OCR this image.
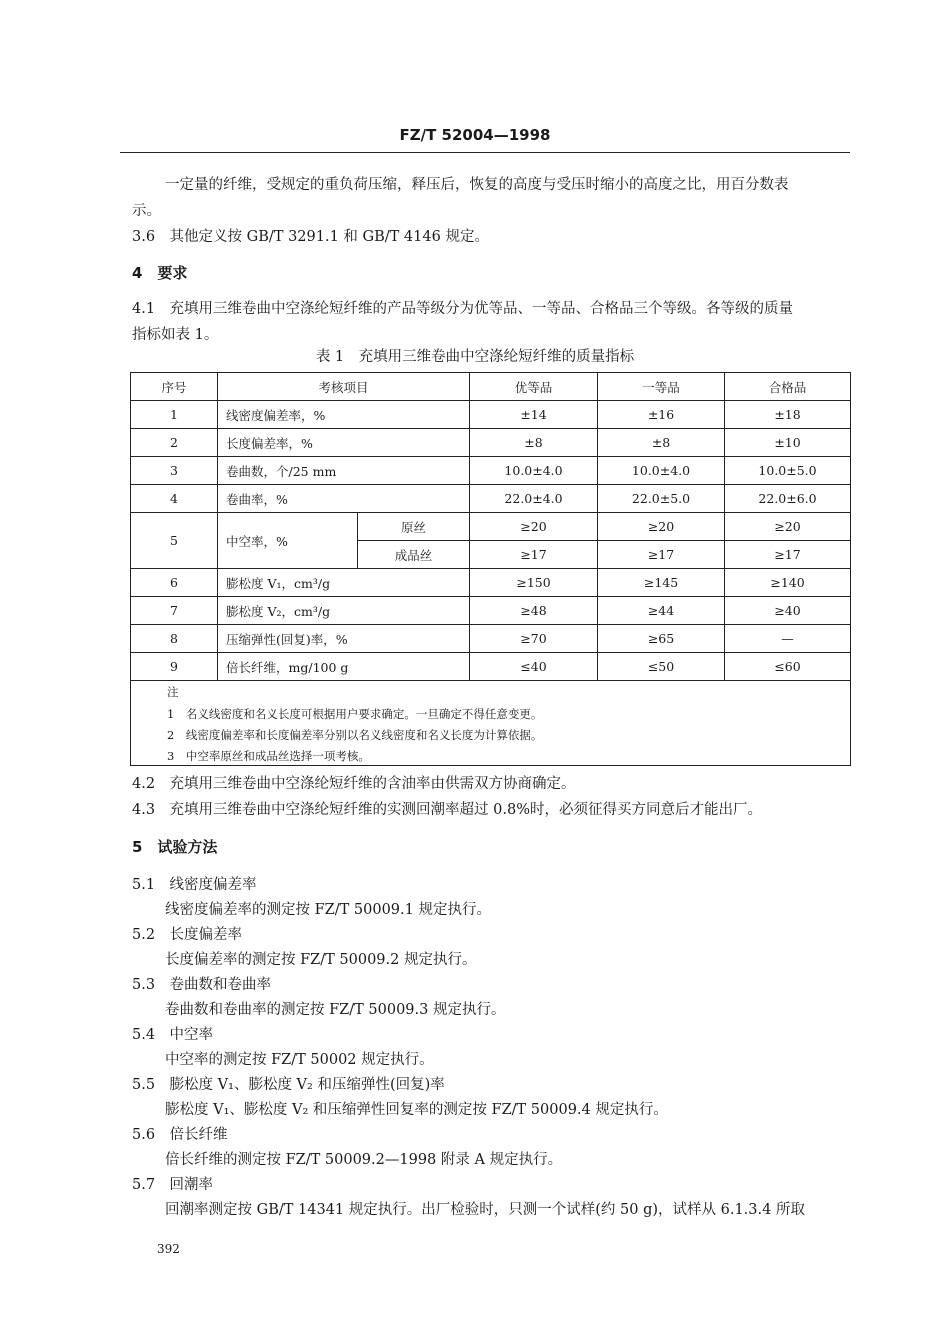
FZ/T 52004—1998
一定量的纤维，受规定的重负荷压缩，释压后，恢复的高度与受压时缩小的高度之比，用百分数表
示。
3.6　其他定义按 GB/T 3291.1 和 GB/T 4146 规定。
4　要求
4.1　充填用三维卷曲中空涤纶短纤维的产品等级分为优等品、一等品、合格品三个等级。各等级的质量
指标如表 1。
表 1　充填用三维卷曲中空涤纶短纤维的质量指标
序号	考核项目		优等品	一等品	合格品
1	线密度偏差率，%		±14	±16	±18
2	长度偏差率，%		±8	±8	±10
3	卷曲数，个/25 mm		10.0±4.0	10.0±4.0	10.0±5.0
4	卷曲率，%		22.0±4.0	22.0±5.0	22.0±6.0
5	中空率，%	原丝	≥20	≥20	≥20
		成品丝	≥17	≥17	≥17
6	膨松度 V₁，cm³/g		≥150	≥145	≥140
7	膨松度 V₂，cm³/g		≥48	≥44	≥40
8	压缩弹性(回复)率，%		≥70	≥65	—
9	倍长纤维，mg/100 g		≤40	≤50	≤60
注
1　名义线密度和名义长度可根据用户要求确定。一旦确定不得任意变更。
2　线密度偏差率和长度偏差率分别以名义线密度和名义长度为计算依据。
3　中空率原丝和成品丝选择一项考核。
4.2　充填用三维卷曲中空涤纶短纤维的含油率由供需双方协商确定。
4.3　充填用三维卷曲中空涤纶短纤维的实测回潮率超过 0.8%时，必须征得买方同意后才能出厂。
5　试验方法
5.1　线密度偏差率
线密度偏差率的测定按 FZ/T 50009.1 规定执行。
5.2　长度偏差率
长度偏差率的测定按 FZ/T 50009.2 规定执行。
5.3　卷曲数和卷曲率
卷曲数和卷曲率的测定按 FZ/T 50009.3 规定执行。
5.4　中空率
中空率的测定按 FZ/T 50002 规定执行。
5.5　膨松度 V₁、膨松度 V₂ 和压缩弹性(回复)率
膨松度 V₁、膨松度 V₂ 和压缩弹性回复率的测定按 FZ/T 50009.4 规定执行。
5.6　倍长纤维
倍长纤维的测定按 FZ/T 50009.2—1998 附录 A 规定执行。
5.7　回潮率
回潮率测定按 GB/T 14341 规定执行。出厂检验时，只测一个试样(约 50 g)，试样从 6.1.3.4 所取
392
